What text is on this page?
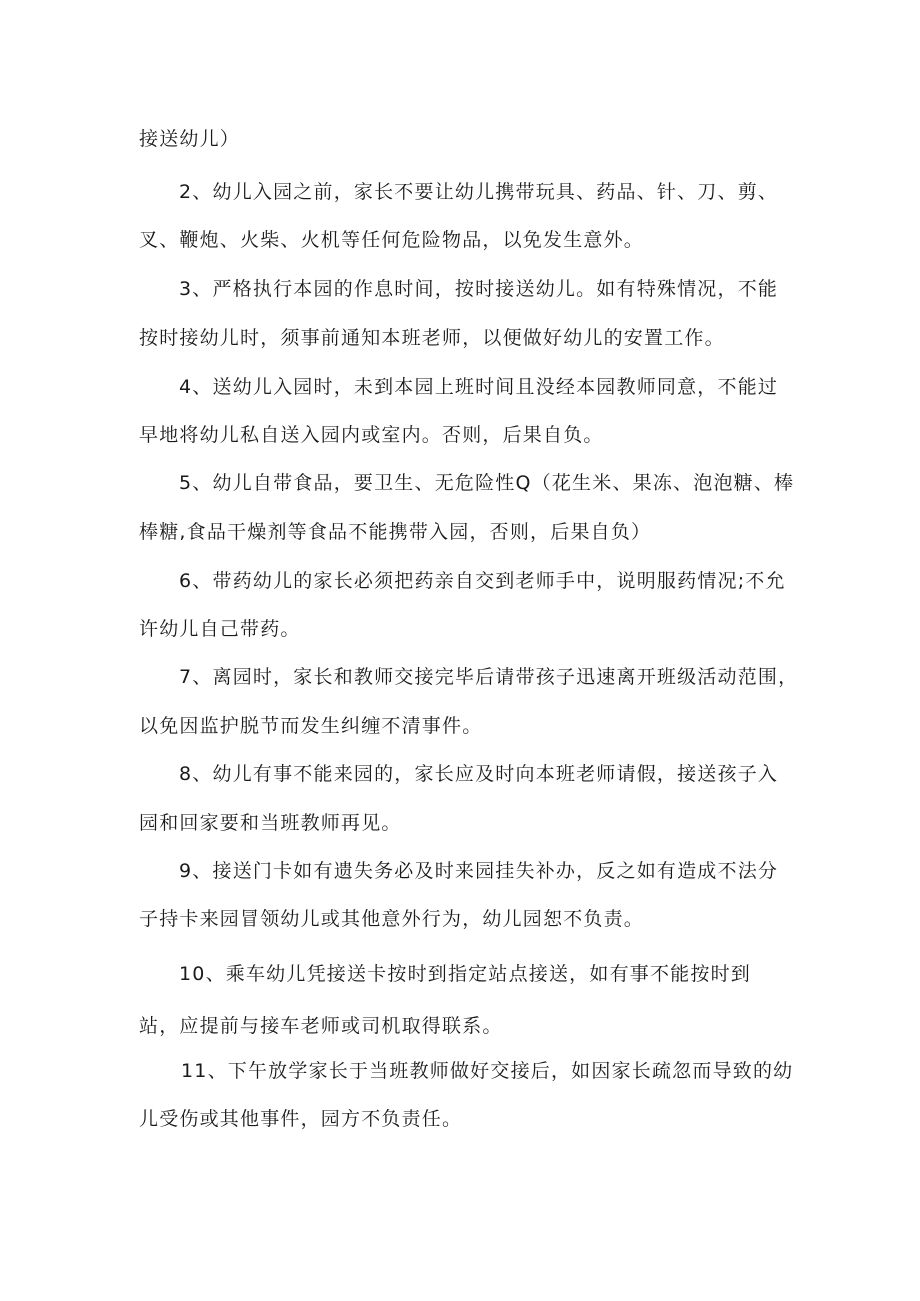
接送幼儿）
2、幼儿入园之前，家长不要让幼儿携带玩具、药品、针、刀、剪、
叉、鞭炮、火柴、火机等任何危险物品，以免发生意外。
3、严格执行本园的作息时间，按时接送幼儿。如有特殊情况，不能
按时接幼儿时，须事前通知本班老师，以便做好幼儿的安置工作。
4、送幼儿入园时，未到本园上班时间且没经本园教师同意，不能过
早地将幼儿私自送入园内或室内。否则，后果自负。
5、幼儿自带食品，要卫生、无危险性Q（花生米、果冻、泡泡糖、棒
棒糖,食品干燥剂等食品不能携带入园，否则，后果自负）
6、带药幼儿的家长必须把药亲自交到老师手中，说明服药情况;不允
许幼儿自己带药。
7、离园时，家长和教师交接完毕后请带孩子迅速离开班级活动范围，
以免因监护脱节而发生纠缠不清事件。
8、幼儿有事不能来园的，家长应及时向本班老师请假，接送孩子入
园和回家要和当班教师再见。
9、接送门卡如有遗失务必及时来园挂失补办，反之如有造成不法分
子持卡来园冒领幼儿或其他意外行为，幼儿园恕不负责。
10、乘车幼儿凭接送卡按时到指定站点接送，如有事不能按时到
站，应提前与接车老师或司机取得联系。
11、下午放学家长于当班教师做好交接后，如因家长疏忽而导致的幼
儿受伤或其他事件，园方不负责任。
